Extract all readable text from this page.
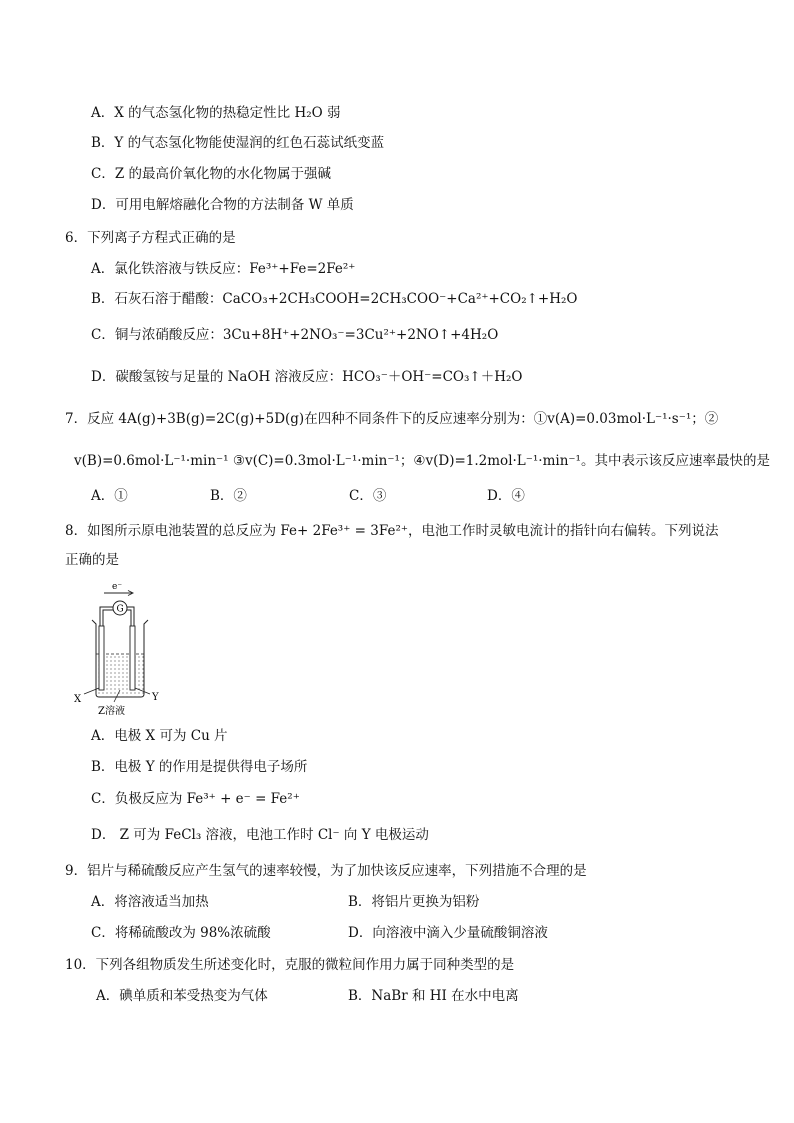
A．X 的气态氢化物的热稳定性比 H₂O 弱
B．Y 的气态氢化物能使湿润的红色石蕊试纸变蓝
C．Z 的最高价氧化物的水化物属于强碱
D．可用电解熔融化合物的方法制备 W 单质
6．下列离子方程式正确的是
A．氯化铁溶液与铁反应：Fe³⁺+Fe=2Fe²⁺
B．石灰石溶于醋酸：CaCO₃+2CH₃COOH=2CH₃COO⁻+Ca²⁺+CO₂↑+H₂O
C．铜与浓硝酸反应：3Cu+8H⁺+2NO₃⁻=3Cu²⁺+2NO↑+4H₂O
D．碳酸氢铵与足量的 NaOH 溶液反应：HCO₃⁻＋OH⁻=CO₃↑＋H₂O
7．反应 4A(g)+3B(g)=2C(g)+5D(g)在四种不同条件下的反应速率分别为：①v(A)=0.03mol·L⁻¹·s⁻¹；②
v(B)=0.6mol·L⁻¹·min⁻¹ ③v(C)=0.3mol·L⁻¹·min⁻¹；④v(D)=1.2mol·L⁻¹·min⁻¹。其中表示该反应速率最快的是
A．①	B．②	C．③	D．④
8．如图所示原电池装置的总反应为 Fe+ 2Fe³⁺ = 3Fe²⁺，电池工作时灵敏电流计的指针向右偏转。下列说法
正确的是
e⁻
G
X	Y
Z溶液
A．电极 X 可为 Cu 片
B．电极 Y 的作用是提供得电子场所
C．负极反应为 Fe³⁺ + e⁻ = Fe²⁺
D． Z 可为 FeCl₃ 溶液，电池工作时 Cl⁻ 向 Y 电极运动
9．铝片与稀硫酸反应产生氢气的速率较慢，为了加快该反应速率，下列措施不合理的是
A．将溶液适当加热	B．将铝片更换为铝粉
C．将稀硫酸改为 98%浓硫酸	D．向溶液中滴入少量硫酸铜溶液
10．下列各组物质发生所述变化时，克服的微粒间作用力属于同种类型的是
A．碘单质和苯受热变为气体	B．NaBr 和 HI 在水中电离
